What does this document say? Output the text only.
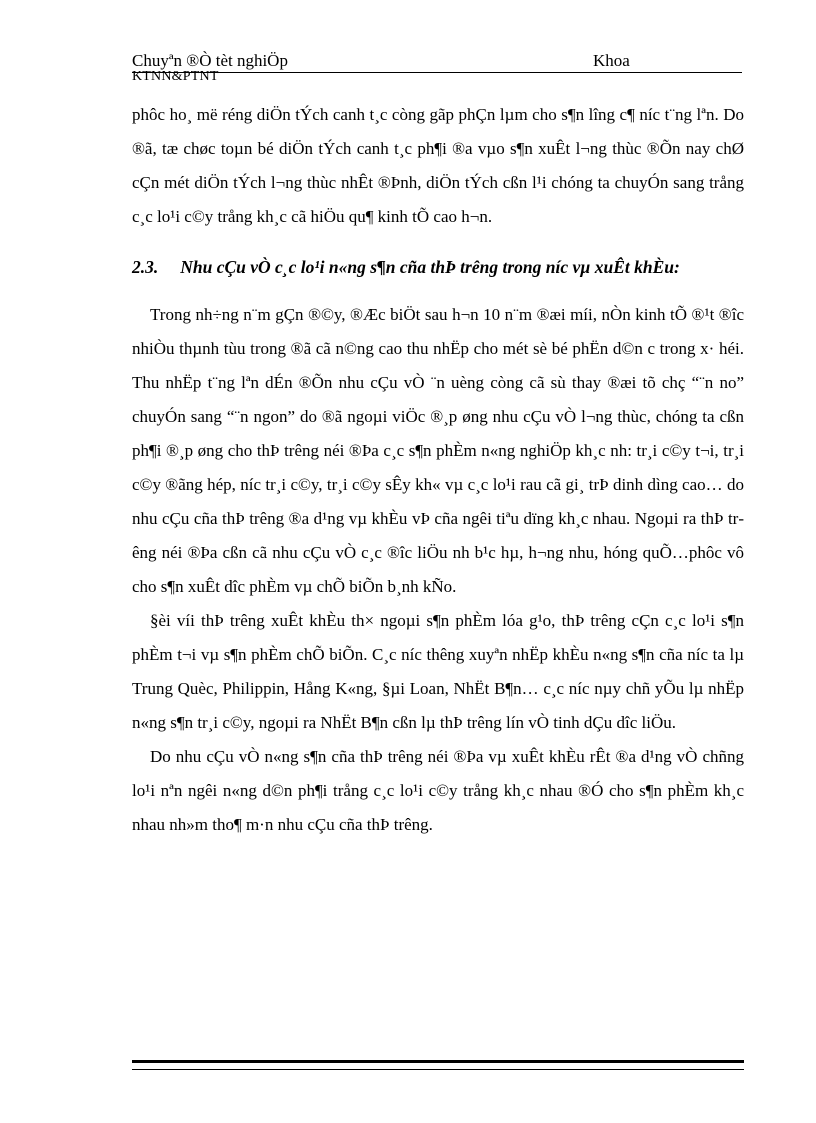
Chuyªn ®Ò tèt nghiÖp	Khoa
KTNN&PTNT

phôc ho¸ më réng diÖn tÝch canh t¸c còng gãp phÇn lµm cho s¶n lîng c¶ níc t¨ng lªn. Do ®ã, tæ chøc toµn bé diÖn tÝch canh t¸c ph¶i ®a vµo s¶n xuÊt l¬ng thùc ®Õn nay chØ cÇn mét diÖn tÝch l¬ng thùc nhÊt ®Þnh, diÖn tÝch cßn l¹i chóng ta chuyÓn sang trång c¸c lo¹i c©y trång kh¸c cã hiÖu qu¶ kinh tÕ cao h¬n.

2.3. Nhu cÇu vÒ c¸c lo¹i n«ng s¶n cña thÞ trêng trong níc vµ xuÊt khÈu:

Trong nh÷ng n¨m gÇn ®©y, ®Æc biÖt sau h¬n 10 n¨m ®æi míi, nÒn kinh tÕ ®¹t ®îc nhiÒu thµnh tùu trong ®ã cã n©ng cao thu nhËp cho mét sè bé phËn d©n c trong x· héi. Thu nhËp t¨ng lªn dÉn ®Õn nhu cÇu vÒ ¨n uèng còng cã sù thay ®æi tõ chç “¨n no” chuyÓn sang “¨n ngon” do ®ã ngoµi viÖc ®¸p øng nhu cÇu vÒ l¬ng thùc, chóng ta cßn ph¶i ®¸p øng cho thÞ trêng néi ®Þa c¸c s¶n phÈm n«ng nghiÖp kh¸c nh: tr¸i c©y t¬i, tr¸i c©y ®ãng hép, níc tr¸i c©y, tr¸i c©y sÊy kh« vµ c¸c lo¹i rau cã gi¸ trÞ dinh dìng cao… do nhu cÇu cña thÞ trêng ®a d¹ng vµ khÈu vÞ cña ngêi tiªu dïng kh¸c nhau. Ngoµi ra thÞ trêng néi ®Þa cßn cã nhu cÇu vÒ c¸c ®îc liÖu nh b¹c hµ, h¬ng nhu, hóng quÕ…phôc vô cho s¶n xuÊt dîc phÈm vµ chÕ biÕn b¸nh kÑo.

§èi víi thÞ trêng xuÊt khÈu th× ngoµi s¶n phÈm lóa g¹o, thÞ trêng cÇn c¸c lo¹i s¶n phÈm t¬i vµ s¶n phÈm chÕ biÕn. C¸c níc thêng xuyªn nhËp khÈu n«ng s¶n cña níc ta lµ Trung Quèc, Philippin, Hång K«ng, §µi Loan, NhËt B¶n… c¸c níc nµy chñ yÕu lµ nhËp n«ng s¶n tr¸i c©y, ngoµi ra NhËt B¶n cßn lµ thÞ trêng lín vÒ tinh dÇu dîc liÖu.

Do nhu cÇu vÒ n«ng s¶n cña thÞ trêng néi ®Þa vµ xuÊt khÈu rÊt ®a d¹ng vÒ chñng lo¹i nªn ngêi n«ng d©n ph¶i trång c¸c lo¹i c©y trång kh¸c nhau ®Ó cho s¶n phÈm kh¸c nhau nh»m tho¶ m·n nhu cÇu cña thÞ trêng.
